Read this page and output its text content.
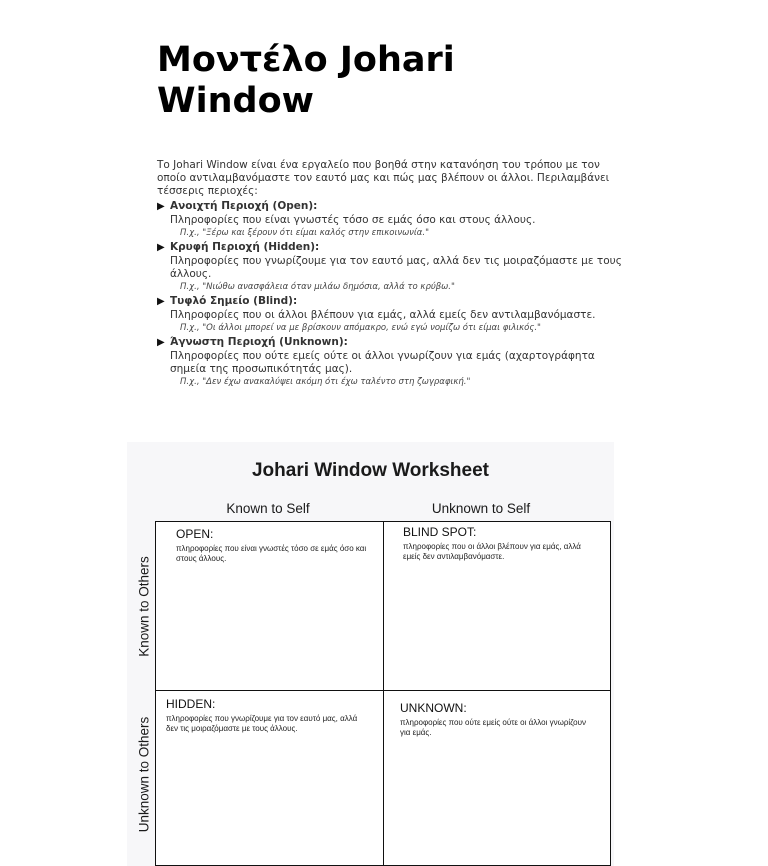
Μοντέλο Johari Window

Το Johari Window είναι ένα εργαλείο που βοηθά στην κατανόηση του τρόπου με τον οποίο αντιλαμβανόμαστε τον εαυτό μας και πώς μας βλέπουν οι άλλοι. Περιλαμβάνει τέσσερις περιοχές:

▶ Ανοιχτή Περιοχή (Open):
Πληροφορίες που είναι γνωστές τόσο σε εμάς όσο και στους άλλους.
Π.χ., "Ξέρω και ξέρουν ότι είμαι καλός στην επικοινωνία."
▶ Κρυφή Περιοχή (Hidden):
Πληροφορίες που γνωρίζουμε για τον εαυτό μας, αλλά δεν τις μοιραζόμαστε με τους άλλους.
Π.χ., "Νιώθω ανασφάλεια όταν μιλάω δημόσια, αλλά το κρύβω."
▶ Τυφλό Σημείο (Blind):
Πληροφορίες που οι άλλοι βλέπουν για εμάς, αλλά εμείς δεν αντιλαμβανόμαστε.
Π.χ., "Οι άλλοι μπορεί να με βρίσκουν απόμακρο, ενώ εγώ νομίζω ότι είμαι φιλικός."
▶ Άγνωστη Περιοχή (Unknown):
Πληροφορίες που ούτε εμείς ούτε οι άλλοι γνωρίζουν για εμάς (αχαρτογράφητα σημεία της προσωπικότητάς μας).
Π.χ., "Δεν έχω ανακαλύψει ακόμη ότι έχω ταλέντο στη ζωγραφική."
Johari Window Worksheet
Known to Self	Unknown to Self
Known to Others
Unknown to Others
OPEN:
πληροφορίες που είναι γνωστές τόσο σε εμάς όσο και στους άλλους.
BLIND SPOT:
πληροφορίες που οι άλλοι βλέπουν για εμάς, αλλά εμείς δεν αντιλαμβανόμαστε.
HIDDEN:
πληροφορίες που γνωρίζουμε για τον εαυτό μας, αλλά δεν τις μοιραζόμαστε με τους άλλους.
UNKNOWN:
πληροφορίες που ούτε εμείς ούτε οι άλλοι γνωρίζουν για εμάς.
